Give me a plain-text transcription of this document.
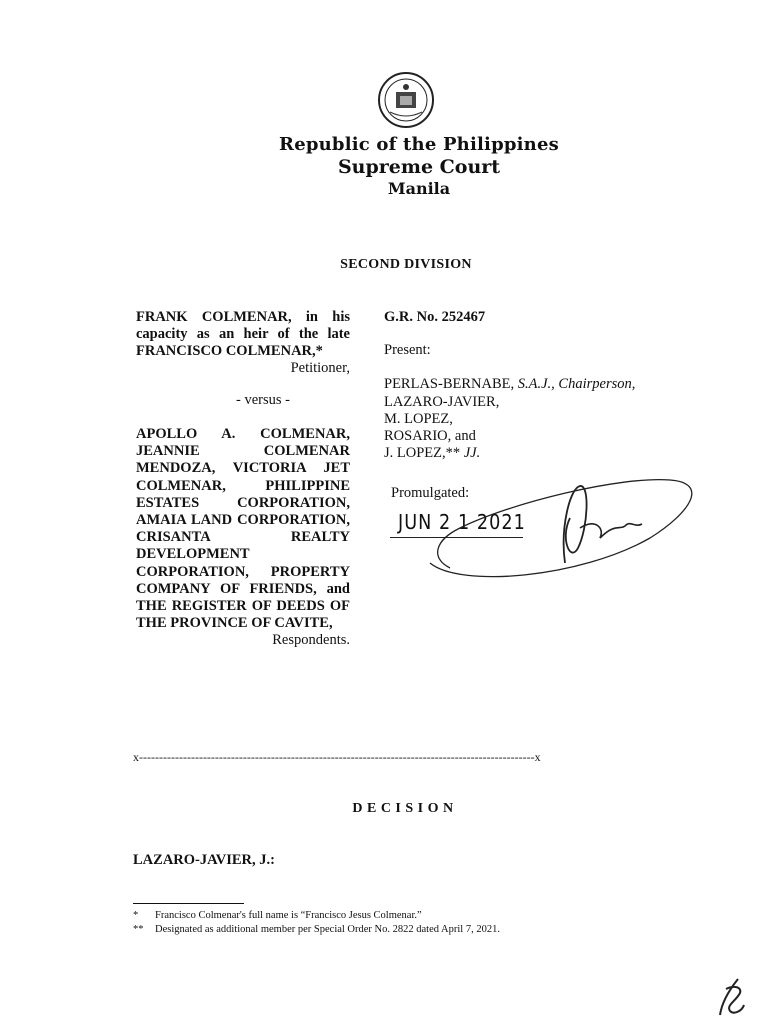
Republic of the Philippines
Supreme Court
Manila
SECOND DIVISION
FRANK COLMENAR, in his capacity as an heir of the late FRANCISCO COLMENAR,*
Petitioner,
- versus -
APOLLO A. COLMENAR, JEANNIE COLMENAR MENDOZA, VICTORIA JET COLMENAR, PHILIPPINE ESTATES CORPORATION, AMAIA LAND CORPORATION, CRISANTA REALTY DEVELOPMENT CORPORATION, PROPERTY COMPANY OF FRIENDS, and THE REGISTER OF DEEDS OF THE PROVINCE OF CAVITE,
Respondents.
G.R. No. 252467
Present:
PERLAS-BERNABE, S.A.J., Chairperson,
LAZARO-JAVIER,
M. LOPEZ,
ROSARIO, and
J. LOPEZ,** JJ.
Promulgated:
JUN 2 1 2021
x---------------------------------------------------------------------------------------------------x
DECISION
LAZARO-JAVIER, J.:
* Francisco Colmenar's full name is “Francisco Jesus Colmenar.”
** Designated as additional member per Special Order No. 2822 dated April 7, 2021.
